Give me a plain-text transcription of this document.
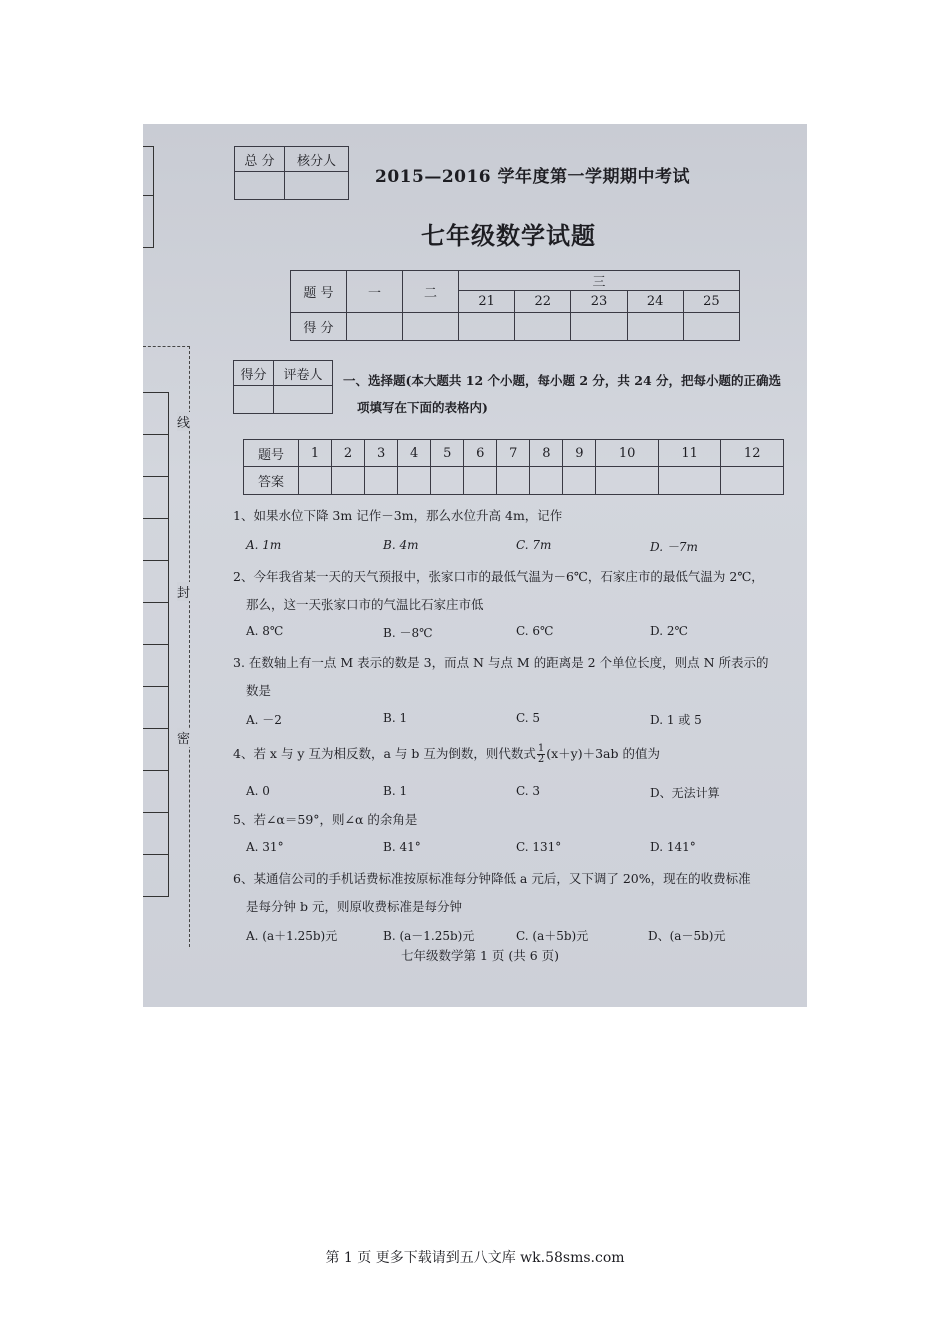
总 分	核分人

2015—2016 学年度第一学期期中考试
七年级数学试题
题 号	一	二	三				
			21	22	23	24	25
得 分							
得分	评卷人
	一、选择题(本大题共 12 个小题，每小题 2 分，共 24 分，把每小题的正确选
项填写在下面的表格内)
题号	1	2	3	4	5	6	7	8	9	10	11	12
答案												
线
封
密
1、如果水位下降 3m 记作－3m，那么水位升高 4m，记作
A. 1m	B. 4m	C. 7m	D. －7m
2、今年我省某一天的天气预报中，张家口市的最低气温为－6℃，石家庄市的最低气温为 2℃，
那么，这一天张家口市的气温比石家庄市低
A. 8℃	B. －8℃	C. 6℃	D. 2℃
3. 在数轴上有一点 M 表示的数是 3，而点 N 与点 M 的距离是 2 个单位长度，则点 N 所表示的
数是
A. －2	B. 1	C. 5	D. 1 或 5
4、若 x 与 y 互为相反数，a 与 b 互为倒数，则代数式 $\frac{1}{2} (x+y)+3ab$ 的值为
A. 0	B. 1	C. 3	D、无法计算
5、若∠α＝59°，则∠α 的余角是
A. 31°	B. 41°	C. 131°	D. 141°
6、某通信公司的手机话费标准按原标准每分钟降低 a 元后，又下调了 20%，现在的收费标准
是每分钟 b 元，则原收费标准是每分钟
A. (a＋1.25b)元	B. (a－1.25b)元	C. (a＋5b)元	D、(a－5b)元
七年级数学第 1 页 (共 6 页)
第 1 页 更多下载请到五八文库 wk.58sms.com
